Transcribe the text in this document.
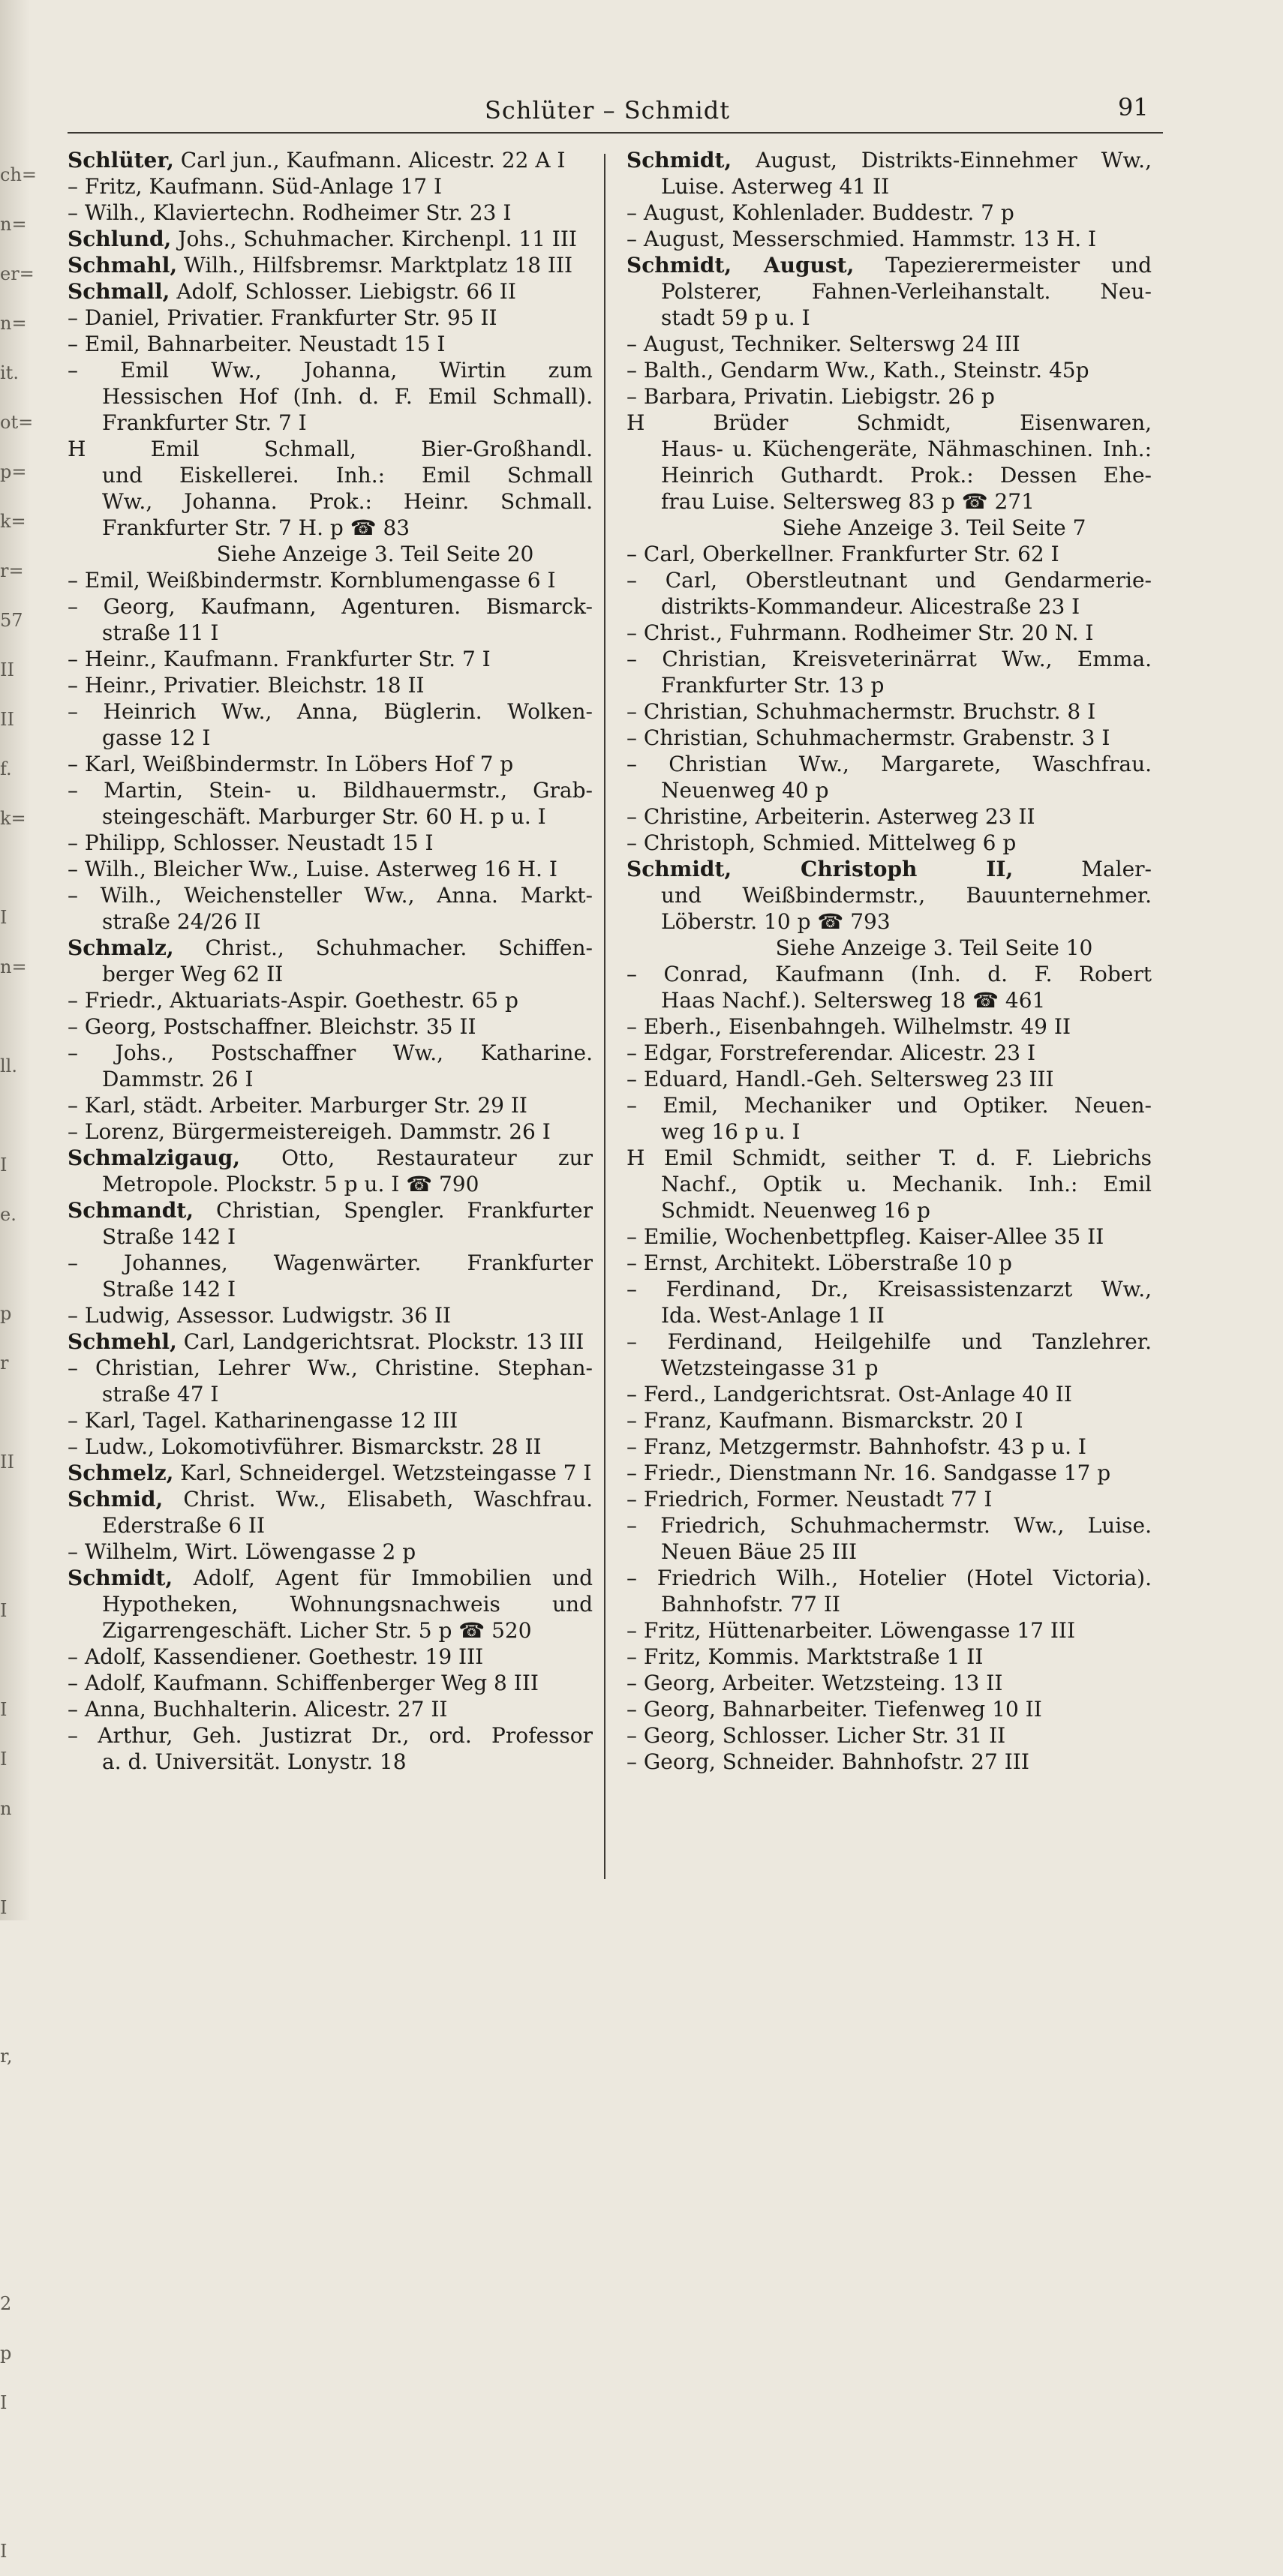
ch=
n=
er=
n=
it.
ot=
p=
k=
r=
57
II
II
f.
k=

I
n=

ll.

I
e.

p
r

II

I

I
I
n

I

r,

2
p
I

I
Schlüter – Schmidt	91
Schlüter, Carl jun., Kaufmann. Alicestr. 22 A I
– Fritz, Kaufmann. Süd-Anlage 17 I
– Wilh., Klaviertechn. Rodheimer Str. 23 I
Schlund, Johs., Schuhmacher. Kirchenpl. 11 III
Schmahl, Wilh., Hilfsbremsr. Marktplatz 18 III
Schmall, Adolf, Schlosser. Liebigstr. 66 II
– Daniel, Privatier. Frankfurter Str. 95 II
– Emil, Bahnarbeiter. Neustadt 15 I
– Emil Ww., Johanna, Wirtin zum
Hessischen Hof (Inh. d. F. Emil Schmall).
Frankfurter Str. 7 I
H Emil Schmall, Bier-Großhandl.
und Eiskellerei. Inh.: Emil Schmall
Ww., Johanna. Prok.: Heinr. Schmall.
Frankfurter Str. 7 H. p ☎ 83
Siehe Anzeige 3. Teil Seite 20
– Emil, Weißbindermstr. Kornblumengasse 6 I
– Georg, Kaufmann, Agenturen. Bismarck-
straße 11 I
– Heinr., Kaufmann. Frankfurter Str. 7 I
– Heinr., Privatier. Bleichstr. 18 II
– Heinrich Ww., Anna, Büglerin. Wolken-
gasse 12 I
– Karl, Weißbindermstr. In Löbers Hof 7 p
– Martin, Stein- u. Bildhauermstr., Grab-
steingeschäft. Marburger Str. 60 H. p u. I
– Philipp, Schlosser. Neustadt 15 I
– Wilh., Bleicher Ww., Luise. Asterweg 16 H. I
– Wilh., Weichensteller Ww., Anna. Markt-
straße 24/26 II
Schmalz, Christ., Schuhmacher. Schiffen-
berger Weg 62 II
– Friedr., Aktuariats-Aspir. Goethestr. 65 p
– Georg, Postschaffner. Bleichstr. 35 II
– Johs., Postschaffner Ww., Katharine.
Dammstr. 26 I
– Karl, städt. Arbeiter. Marburger Str. 29 II
– Lorenz, Bürgermeistereigeh. Dammstr. 26 I
Schmalzigaug, Otto, Restaurateur zur
Metropole. Plockstr. 5 p u. I ☎ 790
Schmandt, Christian, Spengler. Frankfurter
Straße 142 I
– Johannes, Wagenwärter. Frankfurter
Straße 142 I
– Ludwig, Assessor. Ludwigstr. 36 II
Schmehl, Carl, Landgerichtsrat. Plockstr. 13 III
– Christian, Lehrer Ww., Christine. Stephan-
straße 47 I
– Karl, Tagel. Katharinengasse 12 III
– Ludw., Lokomotivführer. Bismarckstr. 28 II
Schmelz, Karl, Schneidergel. Wetzsteingasse 7 I
Schmid, Christ. Ww., Elisabeth, Waschfrau.
Ederstraße 6 II
– Wilhelm, Wirt. Löwengasse 2 p
Schmidt, Adolf, Agent für Immobilien und
Hypotheken, Wohnungsnachweis und
Zigarrengeschäft. Licher Str. 5 p ☎ 520
– Adolf, Kassendiener. Goethestr. 19 III
– Adolf, Kaufmann. Schiffenberger Weg 8 III
– Anna, Buchhalterin. Alicestr. 27 II
– Arthur, Geh. Justizrat Dr., ord. Professor
a. d. Universität. Lonystr. 18
Schmidt, August, Distrikts-Einnehmer Ww.,
Luise. Asterweg 41 II
– August, Kohlenlader. Buddestr. 7 p
– August, Messerschmied. Hammstr. 13 H. I
Schmidt, August, Tapezierermeister und
Polsterer, Fahnen-Verleihanstalt. Neu-
stadt 59 p u. I
– August, Techniker. Selterswg 24 III
– Balth., Gendarm Ww., Kath., Steinstr. 45p
– Barbara, Privatin. Liebigstr. 26 p
H Brüder Schmidt, Eisenwaren,
Haus- u. Küchengeräte, Nähmaschinen. Inh.:
Heinrich Guthardt. Prok.: Dessen Ehe-
frau Luise. Seltersweg 83 p ☎ 271
Siehe Anzeige 3. Teil Seite 7
– Carl, Oberkellner. Frankfurter Str. 62 I
– Carl, Oberstleutnant und Gendarmerie-
distrikts-Kommandeur. Alicestraße 23 I
– Christ., Fuhrmann. Rodheimer Str. 20 N. I
– Christian, Kreisveterinärrat Ww., Emma.
Frankfurter Str. 13 p
– Christian, Schuhmachermstr. Bruchstr. 8 I
– Christian, Schuhmachermstr. Grabenstr. 3 I
– Christian Ww., Margarete, Waschfrau.
Neuenweg 40 p
– Christine, Arbeiterin. Asterweg 23 II
– Christoph, Schmied. Mittelweg 6 p
Schmidt, Christoph II, Maler-
und Weißbindermstr., Bauunternehmer.
Löberstr. 10 p ☎ 793
Siehe Anzeige 3. Teil Seite 10
– Conrad, Kaufmann (Inh. d. F. Robert
Haas Nachf.). Seltersweg 18 ☎ 461
– Eberh., Eisenbahngeh. Wilhelmstr. 49 II
– Edgar, Forstreferendar. Alicestr. 23 I
– Eduard, Handl.-Geh. Seltersweg 23 III
– Emil, Mechaniker und Optiker. Neuen-
weg 16 p u. I
H Emil Schmidt, seither T. d. F. Liebrichs
Nachf., Optik u. Mechanik. Inh.: Emil
Schmidt. Neuenweg 16 p
– Emilie, Wochenbettpfleg. Kaiser-Allee 35 II
– Ernst, Architekt. Löberstraße 10 p
– Ferdinand, Dr., Kreisassistenzarzt Ww.,
Ida. West-Anlage 1 II
– Ferdinand, Heilgehilfe und Tanzlehrer.
Wetzsteingasse 31 p
– Ferd., Landgerichtsrat. Ost-Anlage 40 II
– Franz, Kaufmann. Bismarckstr. 20 I
– Franz, Metzgermstr. Bahnhofstr. 43 p u. I
– Friedr., Dienstmann Nr. 16. Sandgasse 17 p
– Friedrich, Former. Neustadt 77 I
– Friedrich, Schuhmachermstr. Ww., Luise.
Neuen Bäue 25 III
– Friedrich Wilh., Hotelier (Hotel Victoria).
Bahnhofstr. 77 II
– Fritz, Hüttenarbeiter. Löwengasse 17 III
– Fritz, Kommis. Marktstraße 1 II
– Georg, Arbeiter. Wetzsteing. 13 II
– Georg, Bahnarbeiter. Tiefenweg 10 II
– Georg, Schlosser. Licher Str. 31 II
– Georg, Schneider. Bahnhofstr. 27 III
